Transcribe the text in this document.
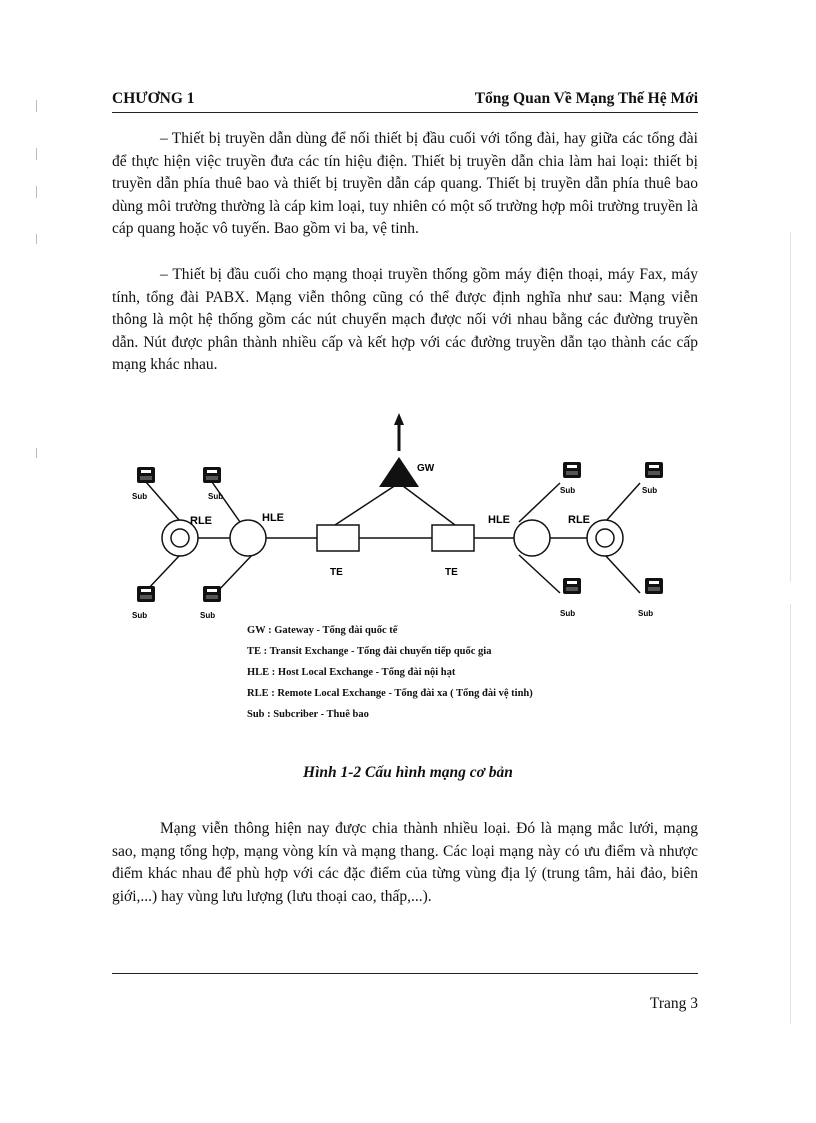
CHƯƠNG 1	Tổng Quan Về Mạng Thế Hệ Mới

– Thiết bị truyền dẫn dùng để nối thiết bị đầu cuối với tổng đài, hay giữa các tổng đài để thực hiện việc truyền đưa các tín hiệu điện. Thiết bị truyền dẫn chia làm hai loại: thiết bị truyền dẫn phía thuê bao và thiết bị truyền dẫn cáp quang. Thiết bị truyền dẫn phía thuê bao dùng môi trường thường là cáp kim loại, tuy nhiên có một số trường hợp môi trường truyền là cáp quang hoặc vô tuyến. Bao gồm vi ba, vệ tinh.

– Thiết bị đầu cuối cho mạng thoại truyền thống gồm máy điện thoại, máy Fax, máy tính, tổng đài PABX. Mạng viễn thông cũng có thể được định nghĩa như sau: Mạng viễn thông là một hệ thống gồm các nút chuyển mạch được nối với nhau bằng các đường truyền dẫn. Nút được phân thành nhiều cấp và kết hợp với các đường truyền dẫn tạo thành các cấp mạng khác nhau.

GW
RLE	HLE	HLE	RLE
TE	TE
Sub	Sub
Sub	Sub
Sub	Sub
Sub	Sub
GW : Gateway - Tổng đài quốc tế
TE : Transit Exchange - Tổng đài chuyển tiếp quốc gia
HLE : Host Local Exchange - Tổng đài nội hạt
RLE : Remote Local Exchange - Tổng đài xa ( Tổng đài vệ tinh)
Sub : Subcriber - Thuê bao
Hình 1-2 Cấu hình mạng cơ bản

Mạng viễn thông hiện nay được chia thành nhiều loại. Đó là mạng mắc lưới, mạng sao, mạng tổng hợp, mạng vòng kín và mạng thang. Các loại mạng này có ưu điểm và nhược điểm khác nhau để phù hợp với các đặc điểm của từng vùng địa lý (trung tâm, hải đảo, biên giới,...) hay vùng lưu lượng (lưu thoại cao, thấp,...).

Trang 3
